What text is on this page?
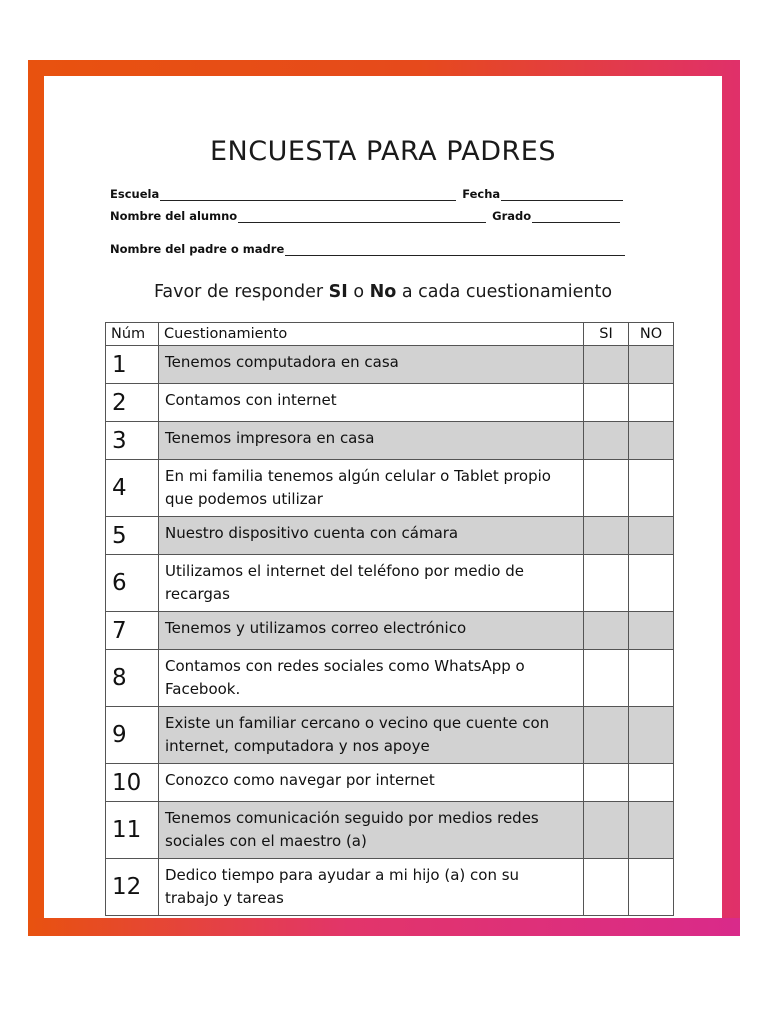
ENCUESTA PARA PADRES
Escuela	Fecha
Nombre del alumno	Grado
Nombre del padre o madre
Favor de responder SI o No a cada cuestionamiento
Núm	Cuestionamiento	SI	NO
1	Tenemos computadora en casa		
2	Contamos con internet		
3	Tenemos impresora en casa		
4	En mi familia tenemos algún celular o Tablet propio que podemos utilizar		
5	Nuestro dispositivo cuenta con cámara		
6	Utilizamos el internet del teléfono por medio de recargas		
7	Tenemos y utilizamos correo electrónico		
8	Contamos con redes sociales como WhatsApp o Facebook.		
9	Existe un familiar cercano o vecino que cuente con internet, computadora y nos apoye		
10	Conozco como navegar por internet		
11	Tenemos comunicación seguido por medios redes sociales con el maestro (a)		
12	Dedico tiempo para ayudar a mi hijo (a) con su trabajo y tareas		
